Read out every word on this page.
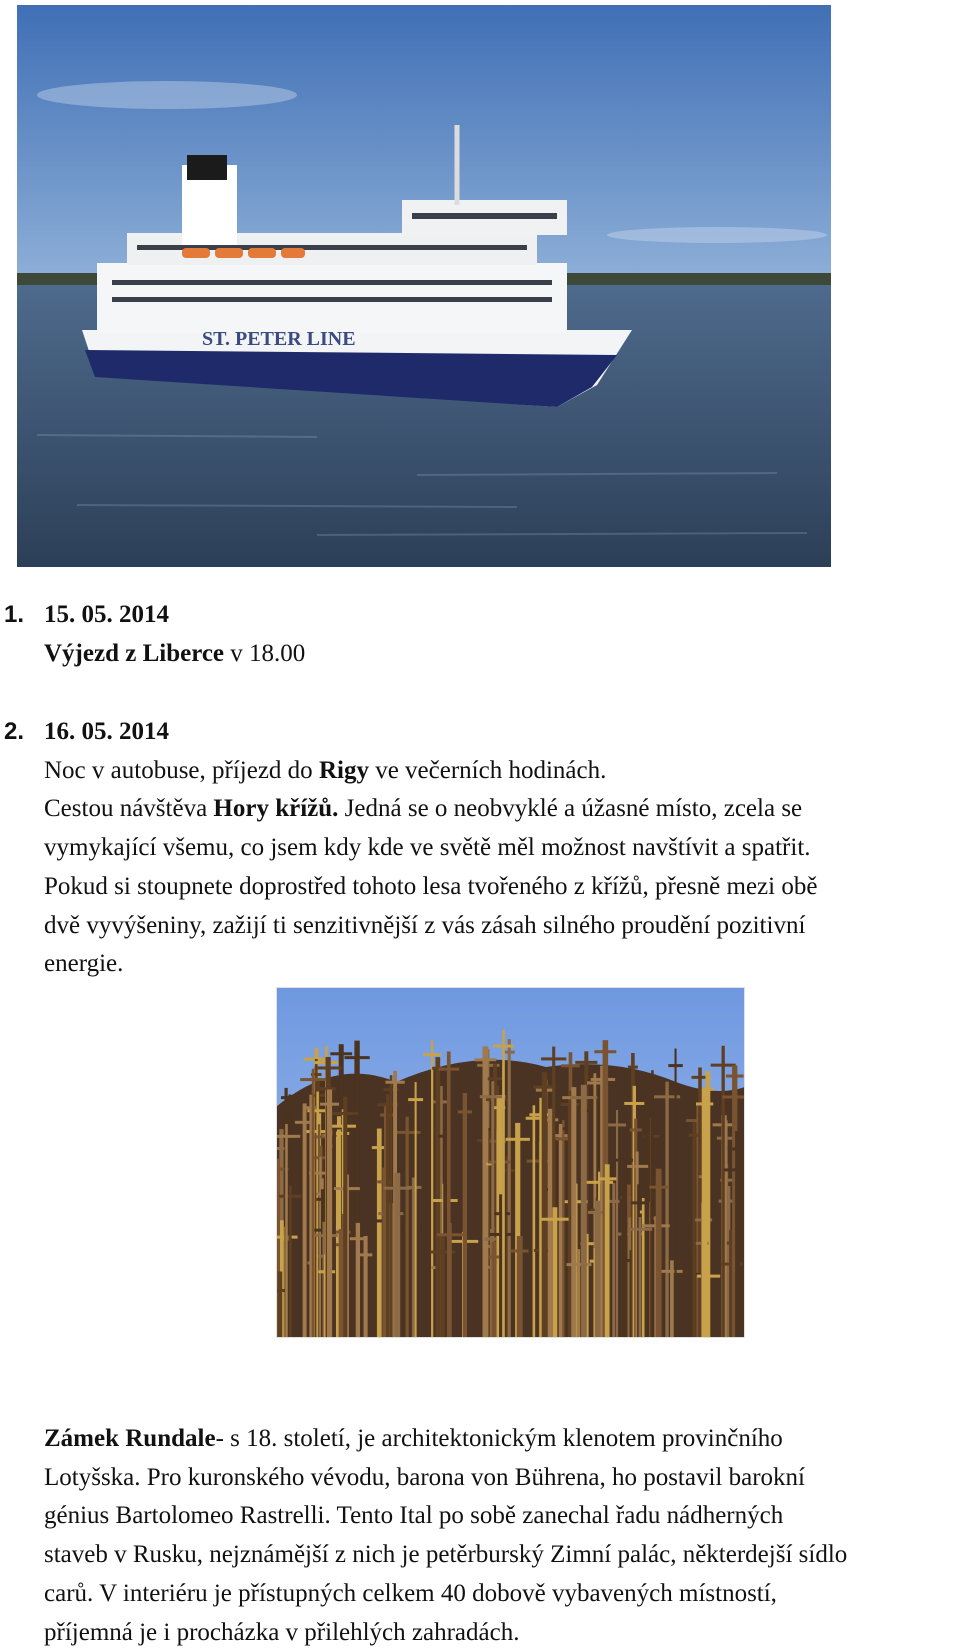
ST. PETER LINE
1. 15. 05. 2014
Výjezd z Liberce v 18.00
2. 16. 05. 2014
Noc v autobuse, příjezd do Rigy ve večerních hodinách.
Cestou návštěva Hory křížů. Jedná se o neobvyklé a úžasné místo, zcela se
vymykající všemu, co jsem kdy kde ve světě měl možnost navštívit a spatřit.
Pokud si stoupnete doprostřed tohoto lesa tvořeného z křížů, přesně mezi obě
dvě vyvýšeniny, zažijí ti senzitivnější z vás zásah silného proudění pozitivní
energie.
Zámek Rundale- s 18. století, je architektonickým klenotem provinčního
Lotyšska. Pro kuronského vévodu, barona von Bührena, ho postavil barokní
génius Bartolomeo Rastrelli. Tento Ital po sobě zanechal řadu nádherných
staveb v Rusku, nejznámější z nich je petěrburský Zimní palác, některdejší sídlo
carů. V interiéru je přístupných celkem 40 dobově vybavených místností,
příjemná je i procházka v přilehlých zahradách.
